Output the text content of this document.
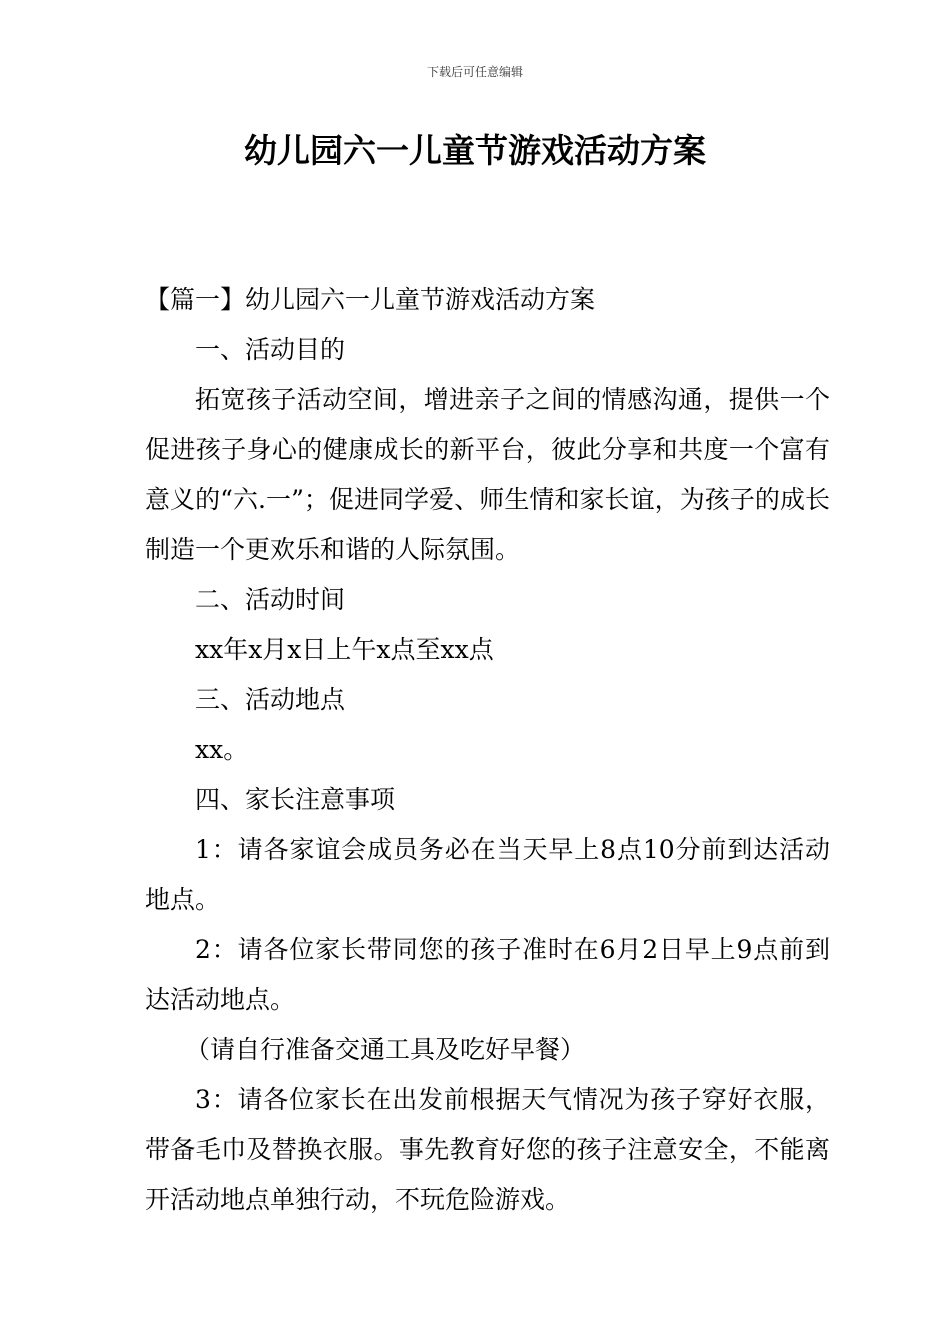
下载后可任意编辑
幼儿园六一儿童节游戏活动方案

【篇一】幼儿园六一儿童节游戏活动方案

一、活动目的

拓宽孩子活动空间，增进亲子之间的情感沟通，提供一个促进孩子身心的健康成长的新平台，彼此分享和共度一个富有意义的“六.一”；促进同学爱、师生情和家长谊，为孩子的成长制造一个更欢乐和谐的人际氛围。

二、活动时间

xx年x月x日上午x点至xx点

三、活动地点

xx。

四、家长注意事项

1：请各家谊会成员务必在当天早上8点10分前到达活动地点。

2：请各位家长带同您的孩子准时在6月2日早上9点前到达活动地点。

（请自行准备交通工具及吃好早餐）

3：请各位家长在出发前根据天气情况为孩子穿好衣服，带备毛巾及替换衣服。事先教育好您的孩子注意安全，不能离开活动地点单独行动，不玩危险游戏。
